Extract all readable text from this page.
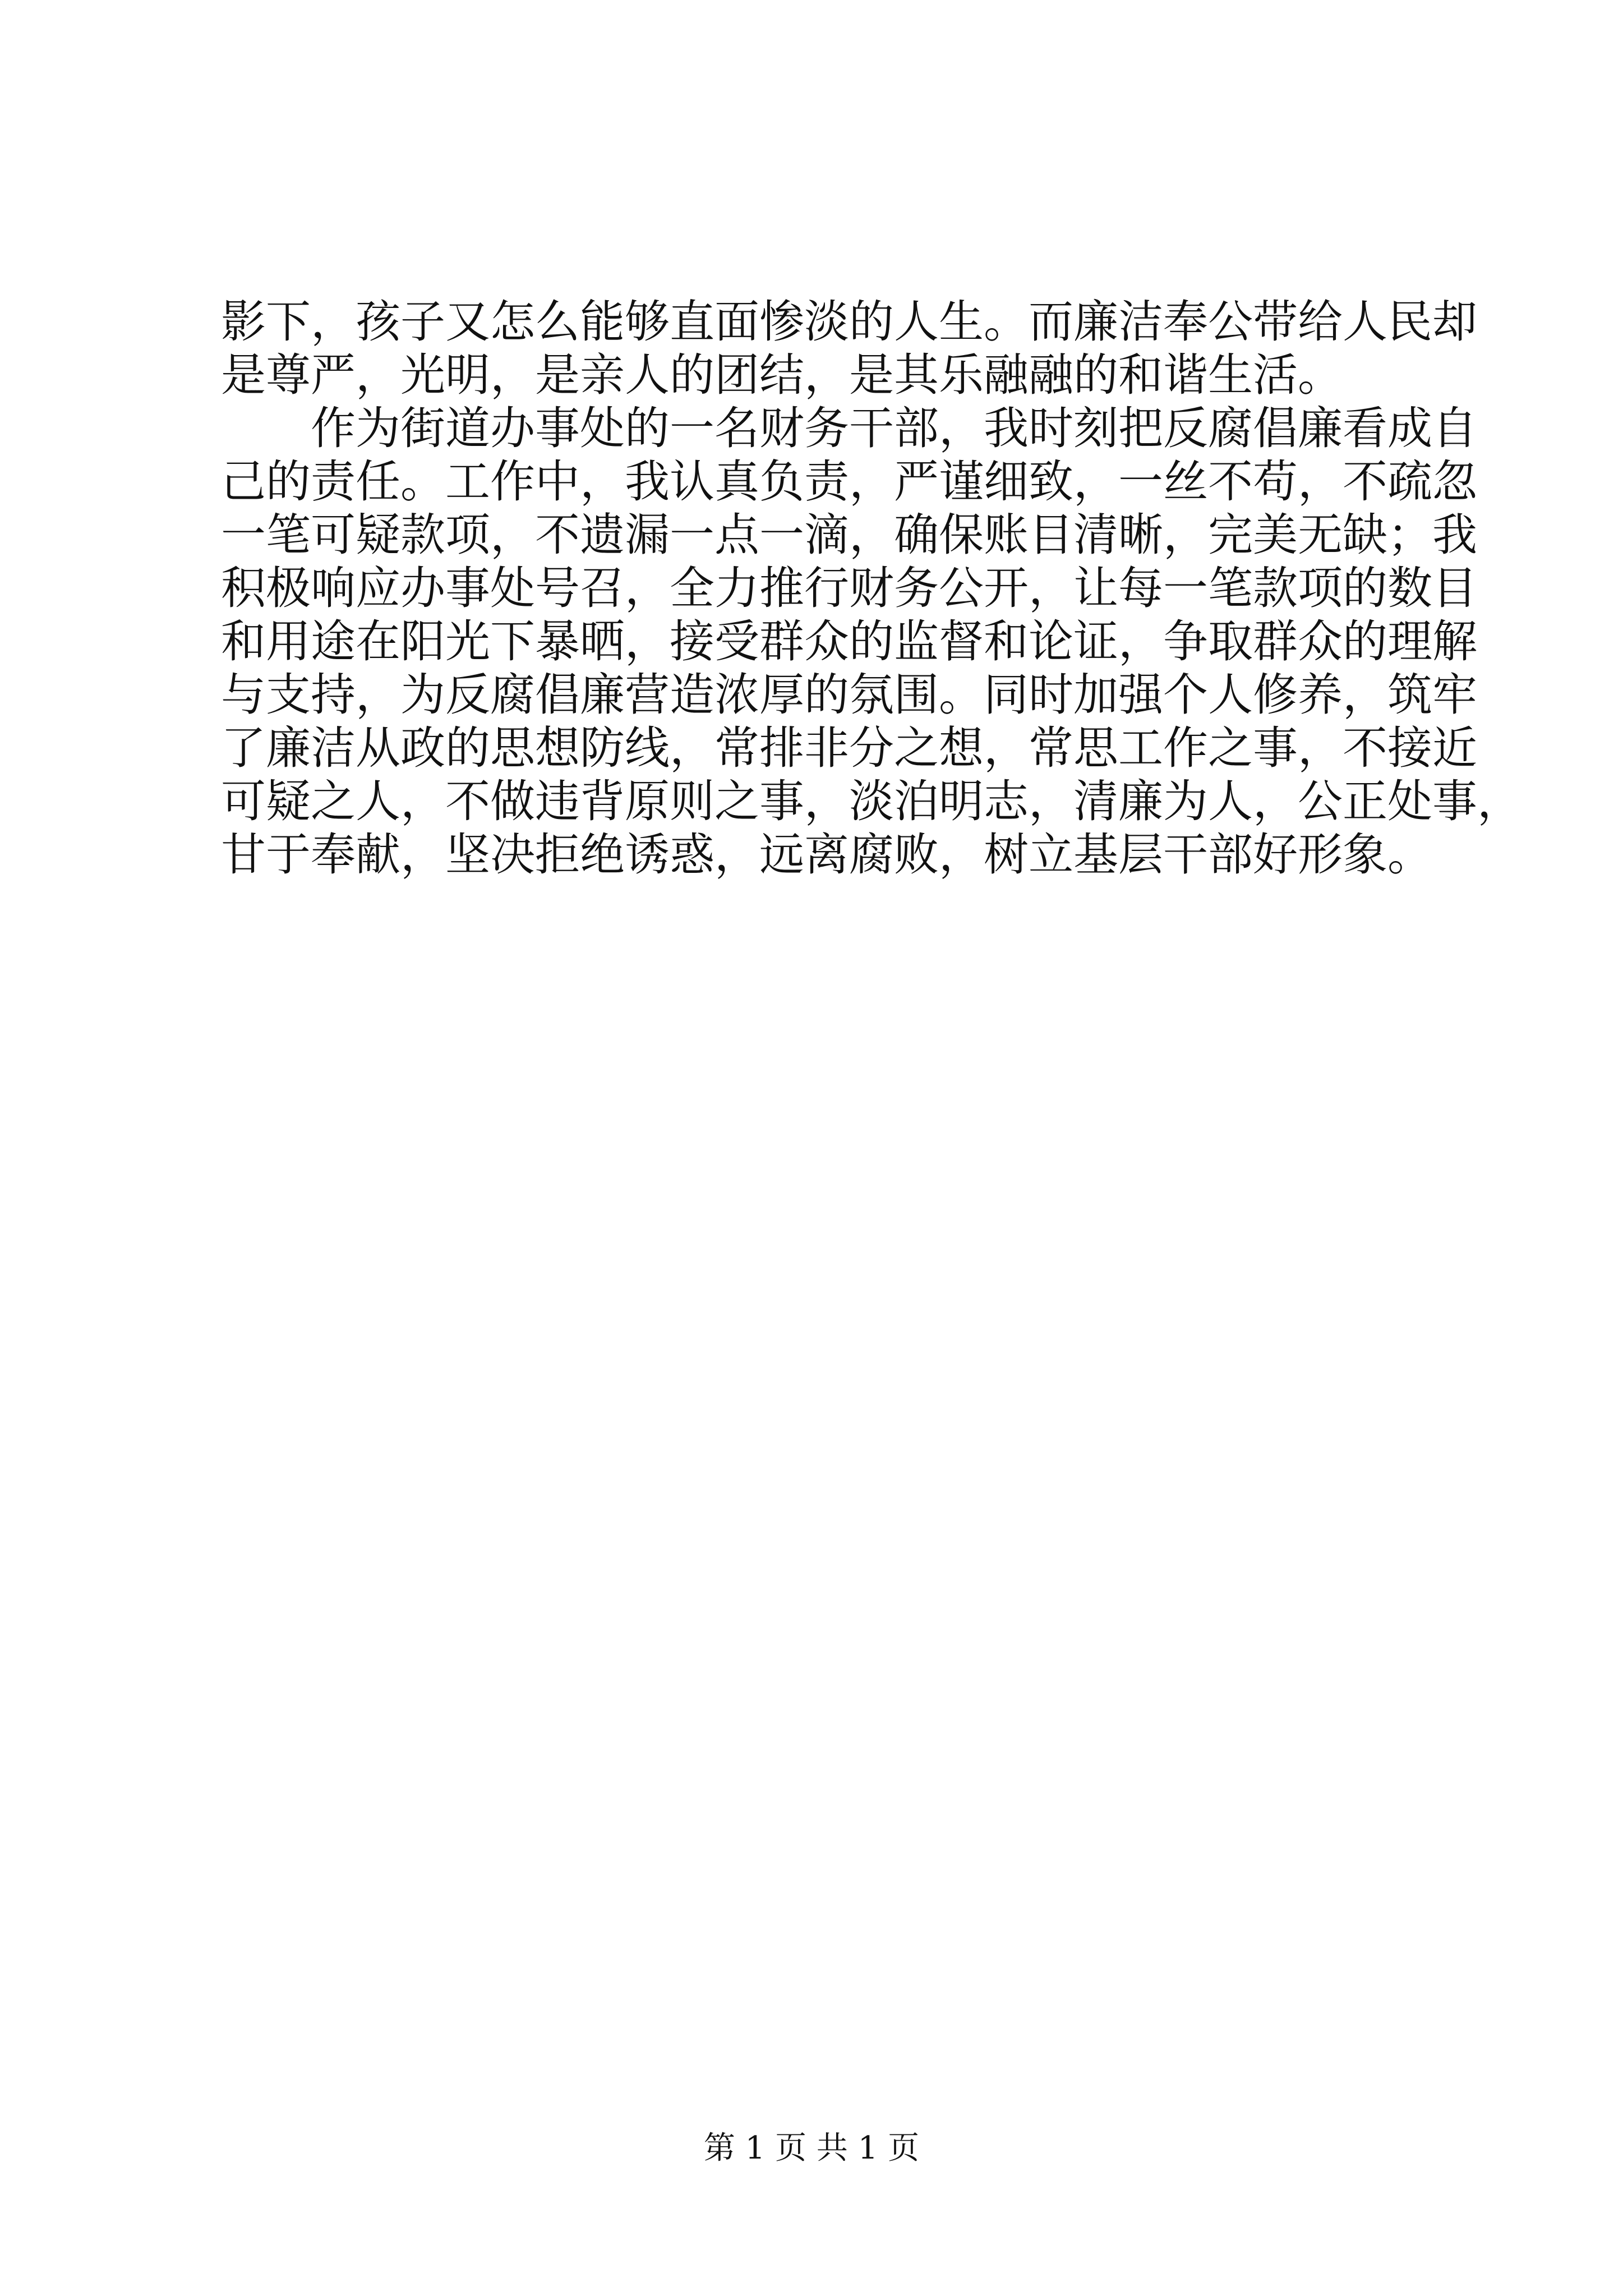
影下，孩子又怎么能够直面惨淡的人生。而廉洁奉公带给人民却
是尊严，光明，是亲人的团结，是其乐融融的和谐生活。
作为街道办事处的一名财务干部，我时刻把反腐倡廉看成自
己的责任。工作中，我认真负责，严谨细致，一丝不苟，不疏忽
一笔可疑款项，不遗漏一点一滴，确保账目清晰，完美无缺；我
积极响应办事处号召，全力推行财务公开，让每一笔款项的数目
和用途在阳光下暴晒，接受群众的监督和论证，争取群众的理解
与支持，为反腐倡廉营造浓厚的氛围。同时加强个人修养，筑牢
了廉洁从政的思想防线，常排非分之想，常思工作之事，不接近
可疑之人，不做违背原则之事，淡泊明志，清廉为人，公正处事，
甘于奉献，坚决拒绝诱惑，远离腐败，树立基层干部好形象。
第 1 页 共 1 页
